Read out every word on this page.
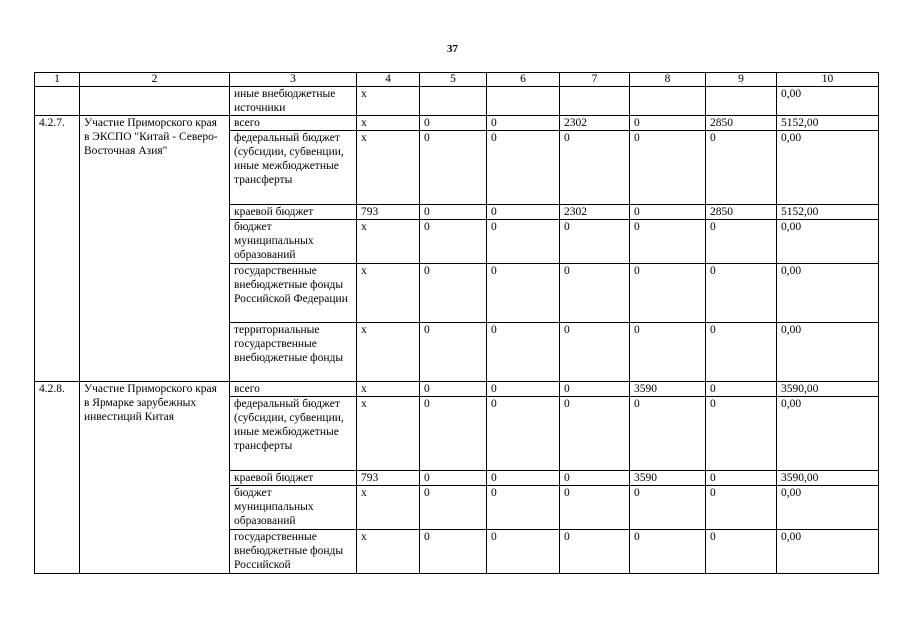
37
1	2	3	4	5	6	7	8	9	10
		иные внебюджетные источники	х						0,00
4.2.7.	Участие Приморского края в ЭКСПО "Китай - Северо-Восточная Азия"	всего	х	0	0	2302	0	2850	5152,00
		федеральный бюджет (субсидии, субвенции, иные межбюджетные трансферты	х	0	0	0	0	0	0,00
		краевой бюджет	793	0	0	2302	0	2850	5152,00
		бюджет муниципальных образований	х	0	0	0	0	0	0,00
		государственные внебюджетные фонды Российской Федерации	х	0	0	0	0	0	0,00
		территориальные государственные внебюджетные фонды	х	0	0	0	0	0	0,00
4.2.8.	Участие Приморского края в Ярмарке зарубежных инвестиций Китая	всего	х	0	0	0	3590	0	3590,00
		федеральный бюджет (субсидии, субвенции, иные межбюджетные трансферты	х	0	0	0	0	0	0,00
		краевой бюджет	793	0	0	0	3590	0	3590,00
		бюджет муниципальных образований	х	0	0	0	0	0	0,00
		государственные внебюджетные фонды Российской	х	0	0	0	0	0	0,00
